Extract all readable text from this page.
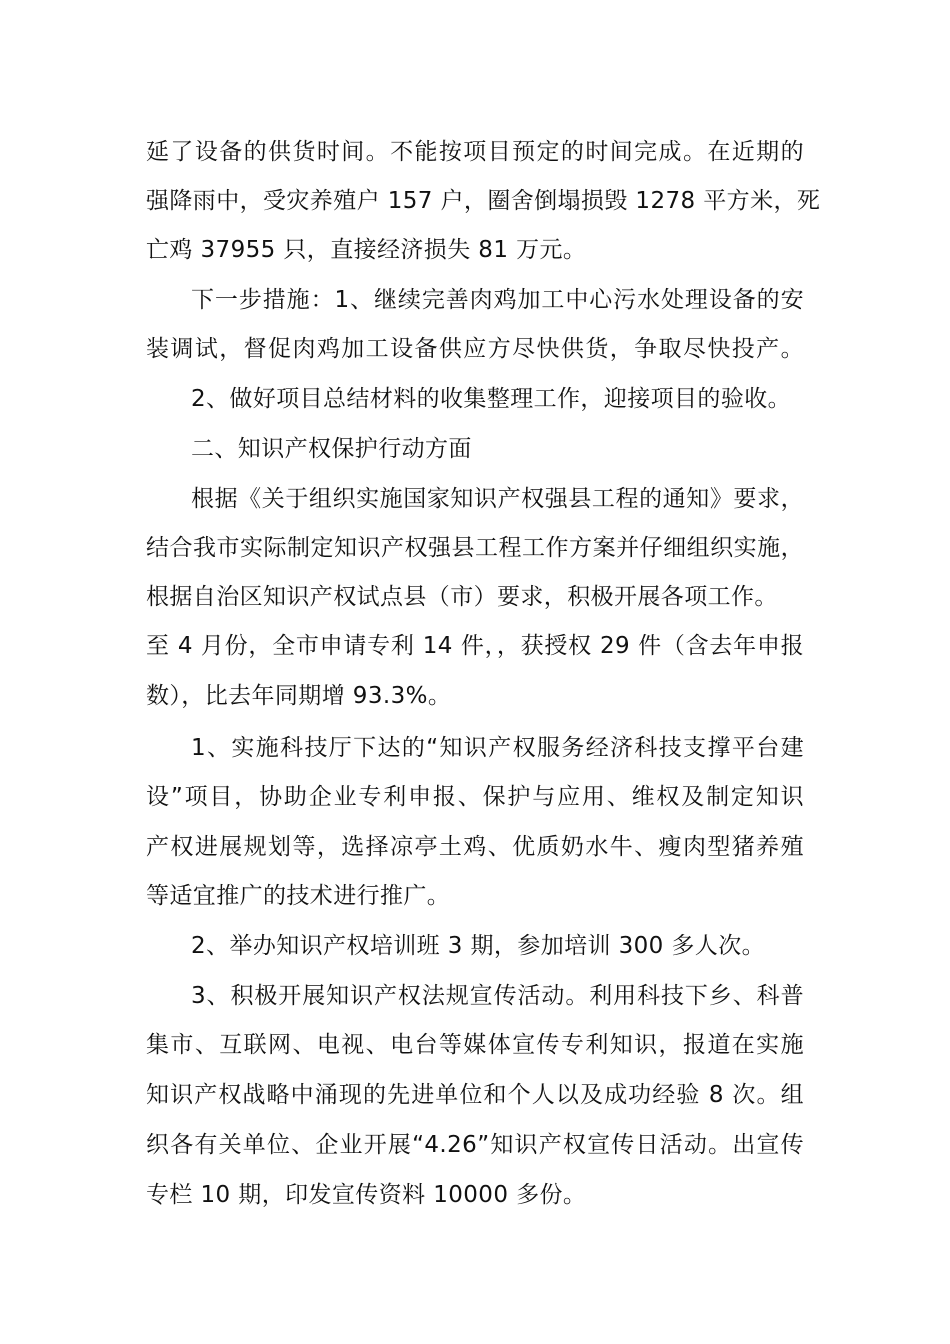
延了设备的供货时间。不能按项目预定的时间完成。在近期的

强降雨中，受灾养殖户 157 户，圈舍倒塌损毁 1278 平方米，死

亡鸡 37955 只，直接经济损失 81 万元。

下一步措施：1、继续完善肉鸡加工中心污水处理设备的安

装调试，督促肉鸡加工设备供应方尽快供货，争取尽快投产。

2、做好项目总结材料的收集整理工作，迎接项目的验收。

二、知识产权保护行动方面

根据《关于组织实施国家知识产权强县工程的通知》要求，

结合我市实际制定知识产权强县工程工作方案并仔细组织实施，

根据自治区知识产权试点县（市）要求，积极开展各项工作。

至 4 月份，全市申请专利 14 件，，获授权 29 件（含去年申报

数），比去年同期增 93.3%。

1、实施科技厅下达的“知识产权服务经济科技支撑平台建

设”项目，协助企业专利申报、保护与应用、维权及制定知识

产权进展规划等，选择凉亭土鸡、优质奶水牛、瘦肉型猪养殖

等适宜推广的技术进行推广。

2、举办知识产权培训班 3 期，参加培训 300 多人次。

3、积极开展知识产权法规宣传活动。利用科技下乡、科普

集市、互联网、电视、电台等媒体宣传专利知识，报道在实施

知识产权战略中涌现的先进单位和个人以及成功经验 8 次。组

织各有关单位、企业开展“4.26”知识产权宣传日活动。出宣传

专栏 10 期，印发宣传资料 10000 多份。
